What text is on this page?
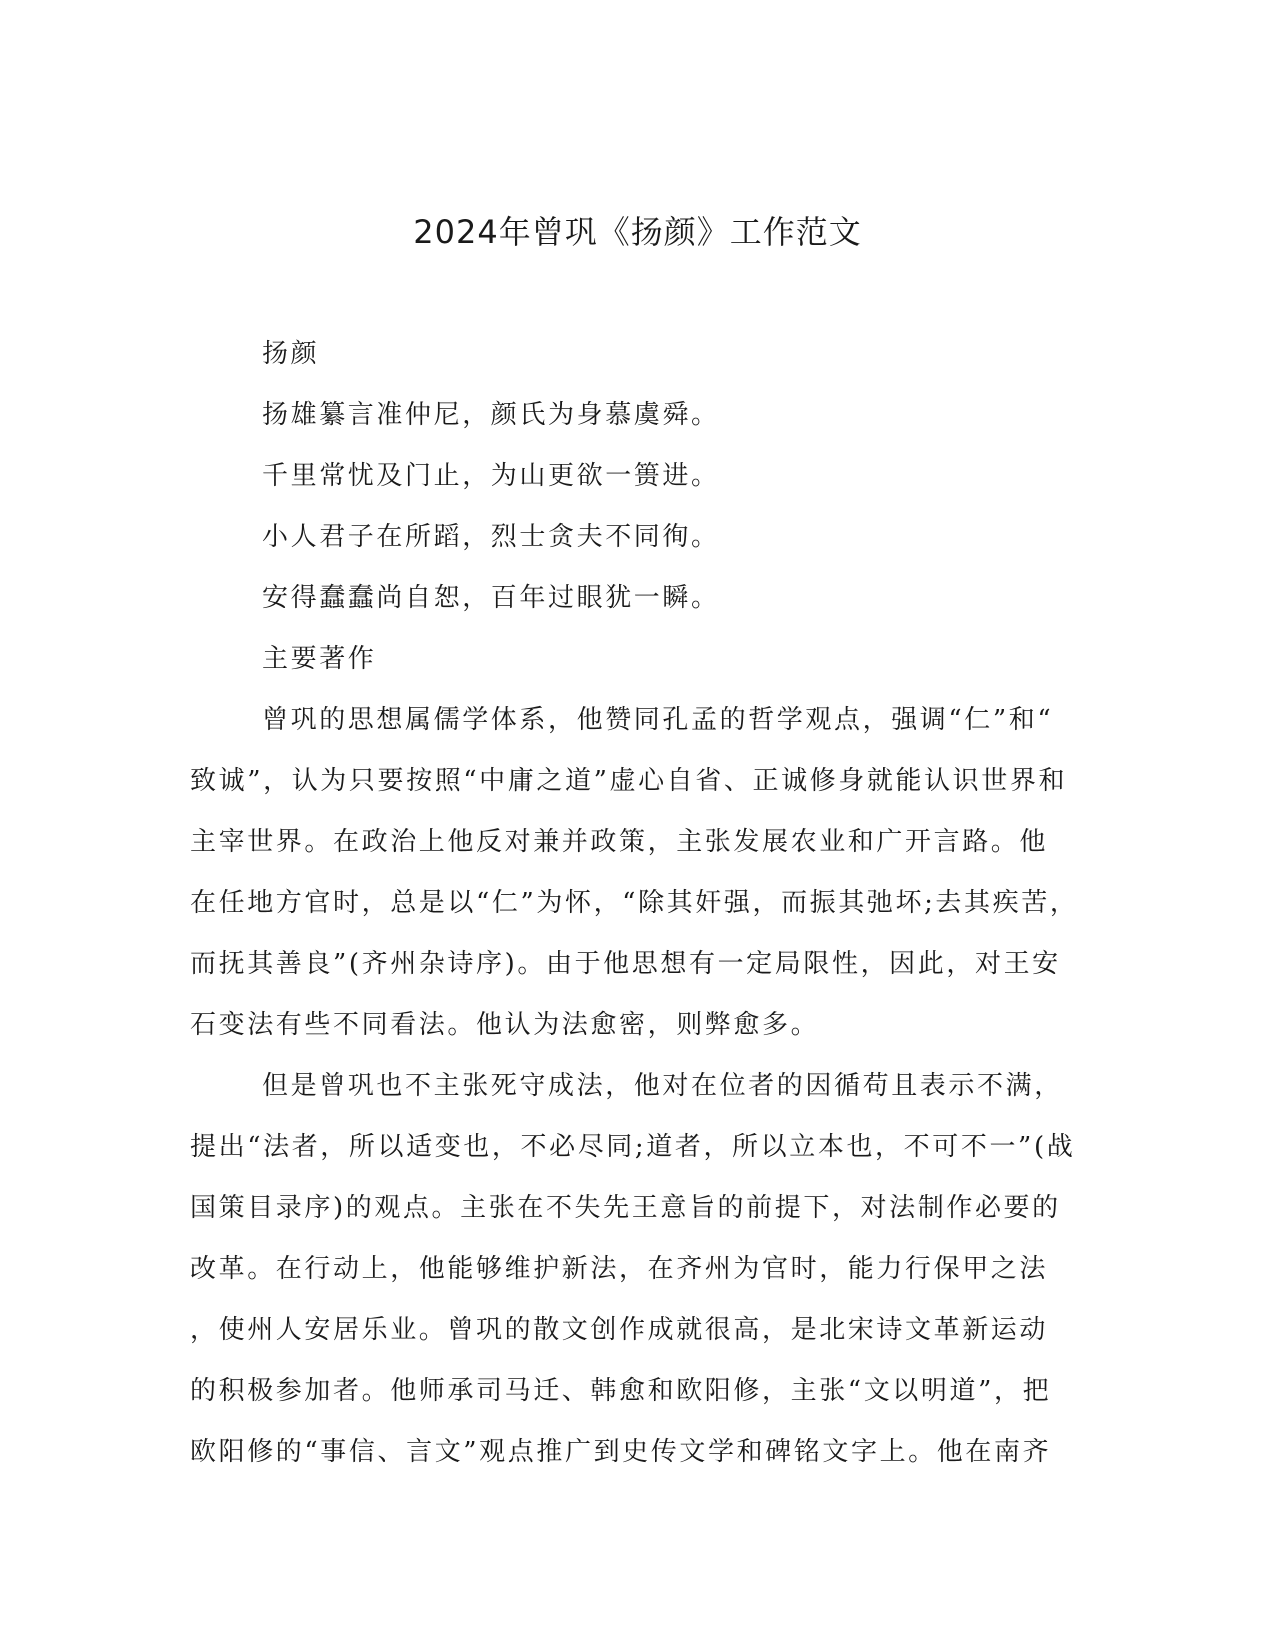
2024年曾巩《扬颜》工作范文

扬颜

扬雄纂言准仲尼，颜氏为身慕虞舜。

千里常忧及门止，为山更欲一篑进。

小人君子在所蹈，烈士贪夫不同徇。

安得蠢蠢尚自恕，百年过眼犹一瞬。

主要著作

曾巩的思想属儒学体系，他赞同孔孟的哲学观点，强调“仁”和“

致诚”，认为只要按照“中庸之道”虚心自省、正诚修身就能认识世界和

主宰世界。在政治上他反对兼并政策，主张发展农业和广开言路。他

在任地方官时，总是以“仁”为怀，“除其奸强，而振其弛坏;去其疾苦，

而抚其善良”(齐州杂诗序)。由于他思想有一定局限性，因此，对王安

石变法有些不同看法。他认为法愈密，则弊愈多。

但是曾巩也不主张死守成法，他对在位者的因循苟且表示不满，

提出“法者，所以适变也，不必尽同;道者，所以立本也，不可不一”(战

国策目录序)的观点。主张在不失先王意旨的前提下，对法制作必要的

改革。在行动上，他能够维护新法，在齐州为官时，能力行保甲之法

，使州人安居乐业。曾巩的散文创作成就很高，是北宋诗文革新运动

的积极参加者。他师承司马迁、韩愈和欧阳修，主张“文以明道”，把

欧阳修的“事信、言文”观点推广到史传文学和碑铭文字上。他在南齐
